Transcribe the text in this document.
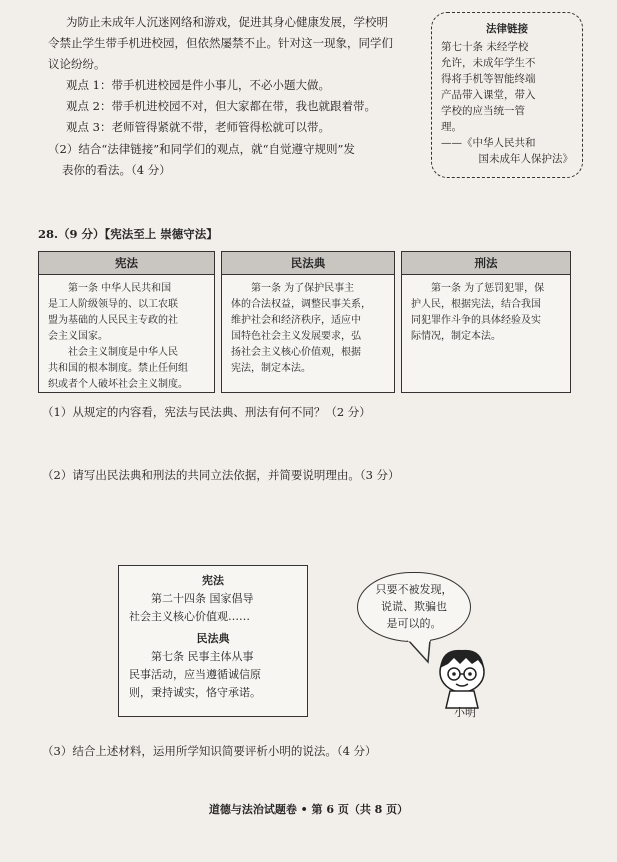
为防止未成年人沉迷网络和游戏，促进其身心健康发展，学校明
令禁止学生带手机进校园，但依然屡禁不止。针对这一现象，同学们
议论纷纷。
观点 1：带手机进校园是件小事儿，不必小题大做。
观点 2：带手机进校园不对，但大家都在带，我也就跟着带。
观点 3：老师管得紧就不带，老师管得松就可以带。
（2）结合“法律链接”和同学们的观点，就“自觉遵守规则”发
表你的看法。（4 分）
法律链接
第七十条 未经学校
允许，未成年学生不
得将手机等智能终端
产品带入课堂，带入
学校的应当统一管
理。
——《中华人民共和
国未成年人保护法》
28.（9 分）【宪法至上 崇德守法】
宪法
第一条 中华人民共和国
是工人阶级领导的、以工农联
盟为基础的人民民主专政的社
会主义国家。
社会主义制度是中华人民
共和国的根本制度。禁止任何组
织或者个人破坏社会主义制度。
民法典
第一条 为了保护民事主
体的合法权益，调整民事关系，
维护社会和经济秩序，适应中
国特色社会主义发展要求，弘
扬社会主义核心价值观，根据
宪法，制定本法。
刑法
第一条 为了惩罚犯罪，保
护人民，根据宪法，结合我国
同犯罪作斗争的具体经验及实
际情况，制定本法。
（1）从规定的内容看，宪法与民法典、刑法有何不同？（2 分）
（2）请写出民法典和刑法的共同立法依据，并简要说明理由。（3 分）
宪法
第二十四条 国家倡导
社会主义核心价值观……
民法典
第七条 民事主体从事
民事活动，应当遵循诚信原
则，秉持诚实，恪守承诺。
只要不被发现，
说谎、欺骗也
是可以的。
小明
（3）结合上述材料，运用所学知识简要评析小明的说法。（4 分）
道德与法治试题卷 • 第 6 页（共 8 页）
